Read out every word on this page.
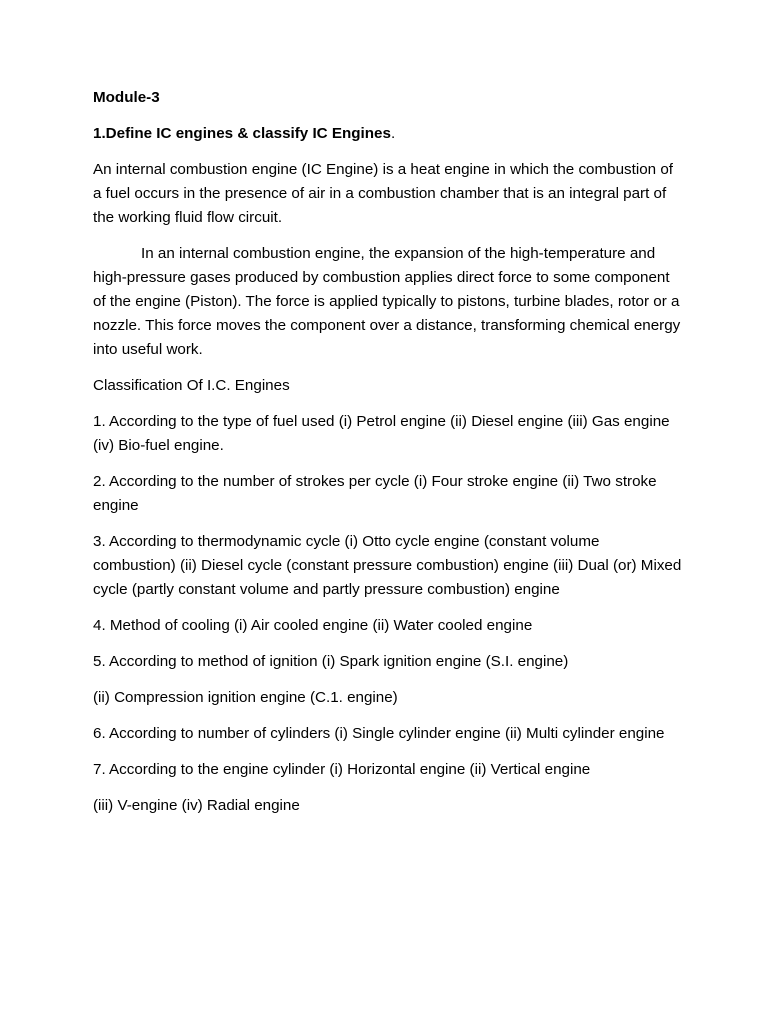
Module-3

1.Define IC engines & classify IC Engines.

An internal combustion engine (IC Engine) is a heat engine in which the combustion of a fuel occurs in the presence of air in a combustion chamber that is an integral part of the working fluid flow circuit.

In an internal combustion engine, the expansion of the high-temperature and high-pressure gases produced by combustion applies direct force to some component of the engine (Piston). The force is applied typically to pistons, turbine blades, rotor or a nozzle. This force moves the component over a distance, transforming chemical energy into useful work.

Classification Of I.C. Engines

1. According to the type of fuel used (i) Petrol engine (ii) Diesel engine (iii) Gas engine (iv) Bio-fuel engine.

2. According to the number of strokes per cycle (i) Four stroke engine (ii) Two stroke engine

3. According to thermodynamic cycle (i) Otto cycle engine (constant volume combustion) (ii) Diesel cycle (constant pressure combustion) engine (iii) Dual (or) Mixed cycle (partly constant volume and partly pressure combustion) engine

4. Method of cooling (i) Air cooled engine (ii) Water cooled engine

5. According to method of ignition (i) Spark ignition engine (S.I. engine)

(ii) Compression ignition engine (C.1. engine)

6. According to number of cylinders (i) Single cylinder engine (ii) Multi cylinder engine

7. According to the engine cylinder (i) Horizontal engine (ii) Vertical engine

(iii) V-engine (iv) Radial engine
